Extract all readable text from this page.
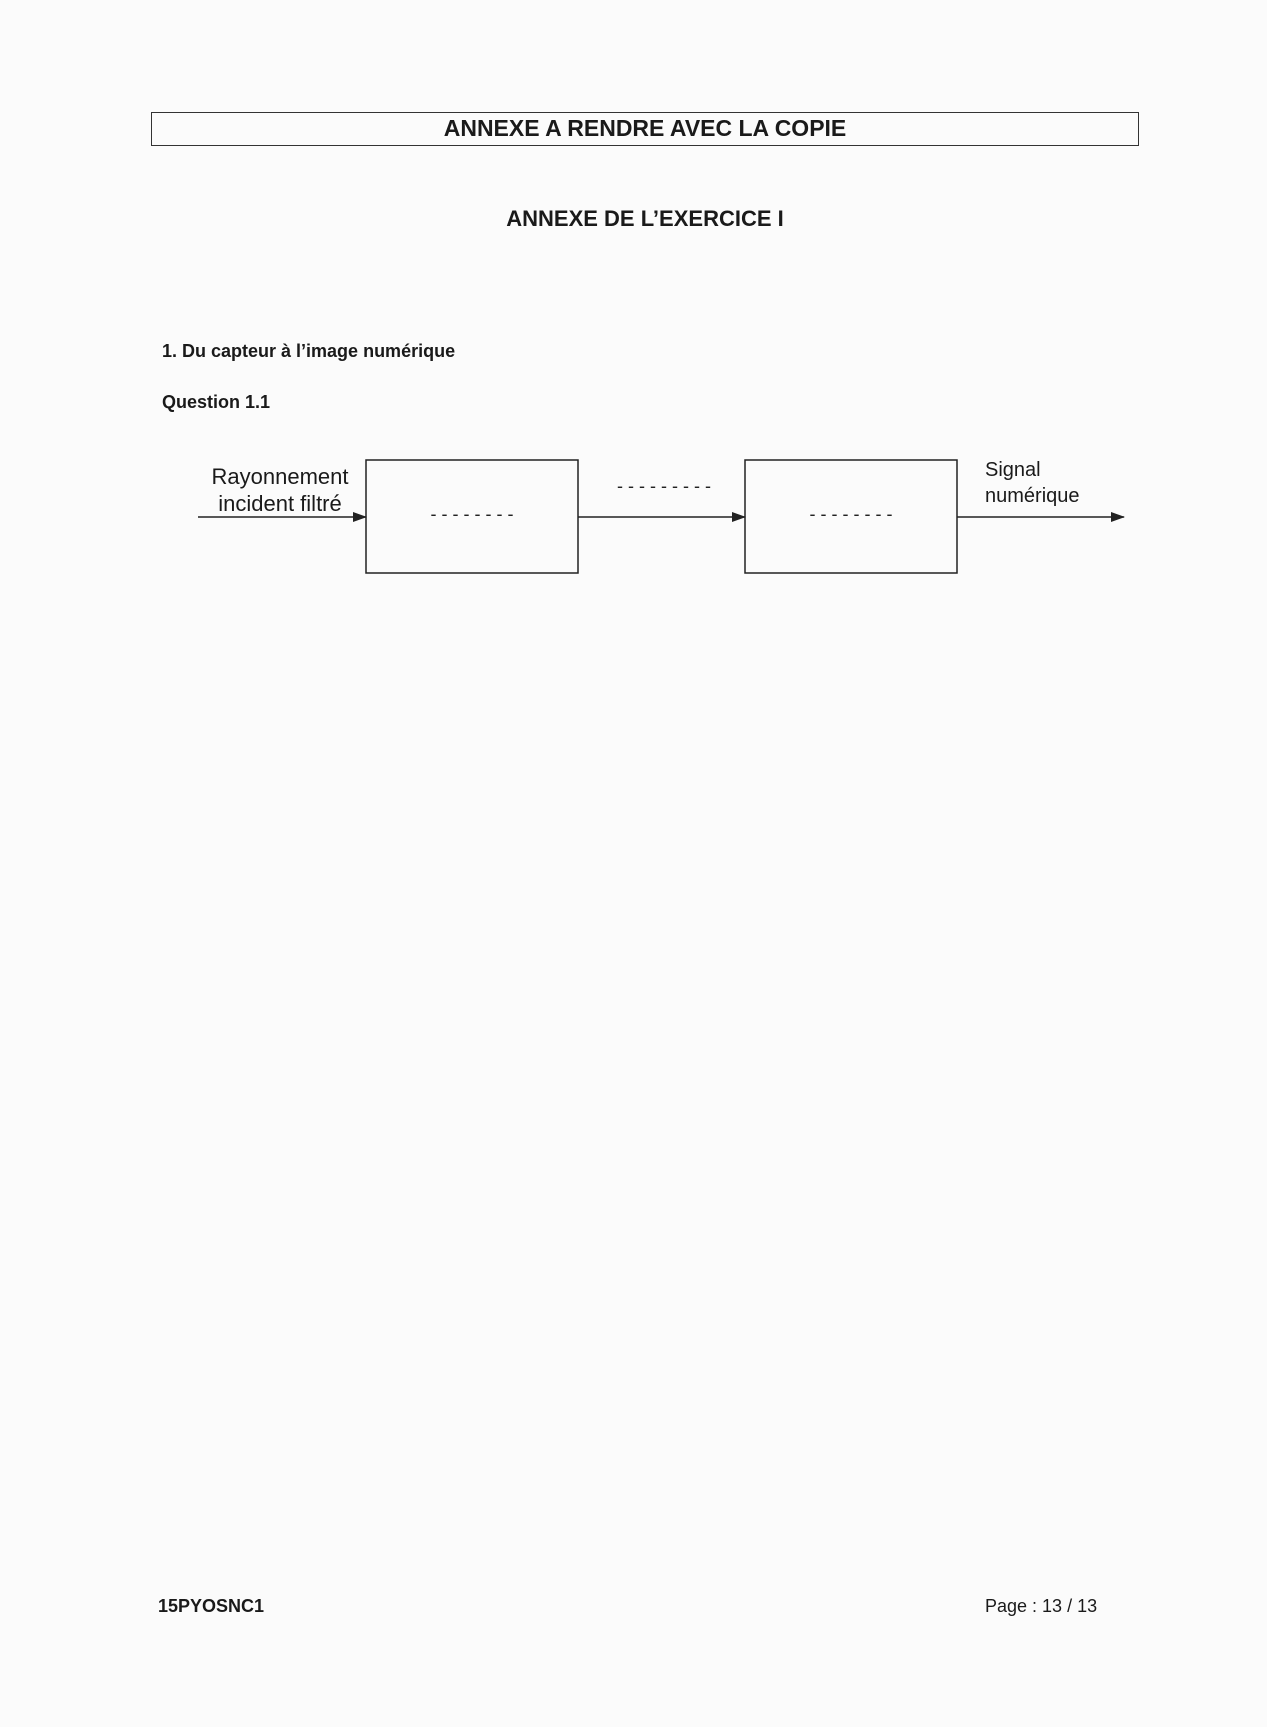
ANNEXE A RENDRE AVEC LA COPIE
ANNEXE DE L’EXERCICE I
1. Du capteur à l’image numérique
Question 1.1
Rayonnement
incident filtré	- - - - - - - -
- - - - - - - - -
- - - - - - - -
Signal
numérique
15PYOSNC1	Page : 13 / 13
